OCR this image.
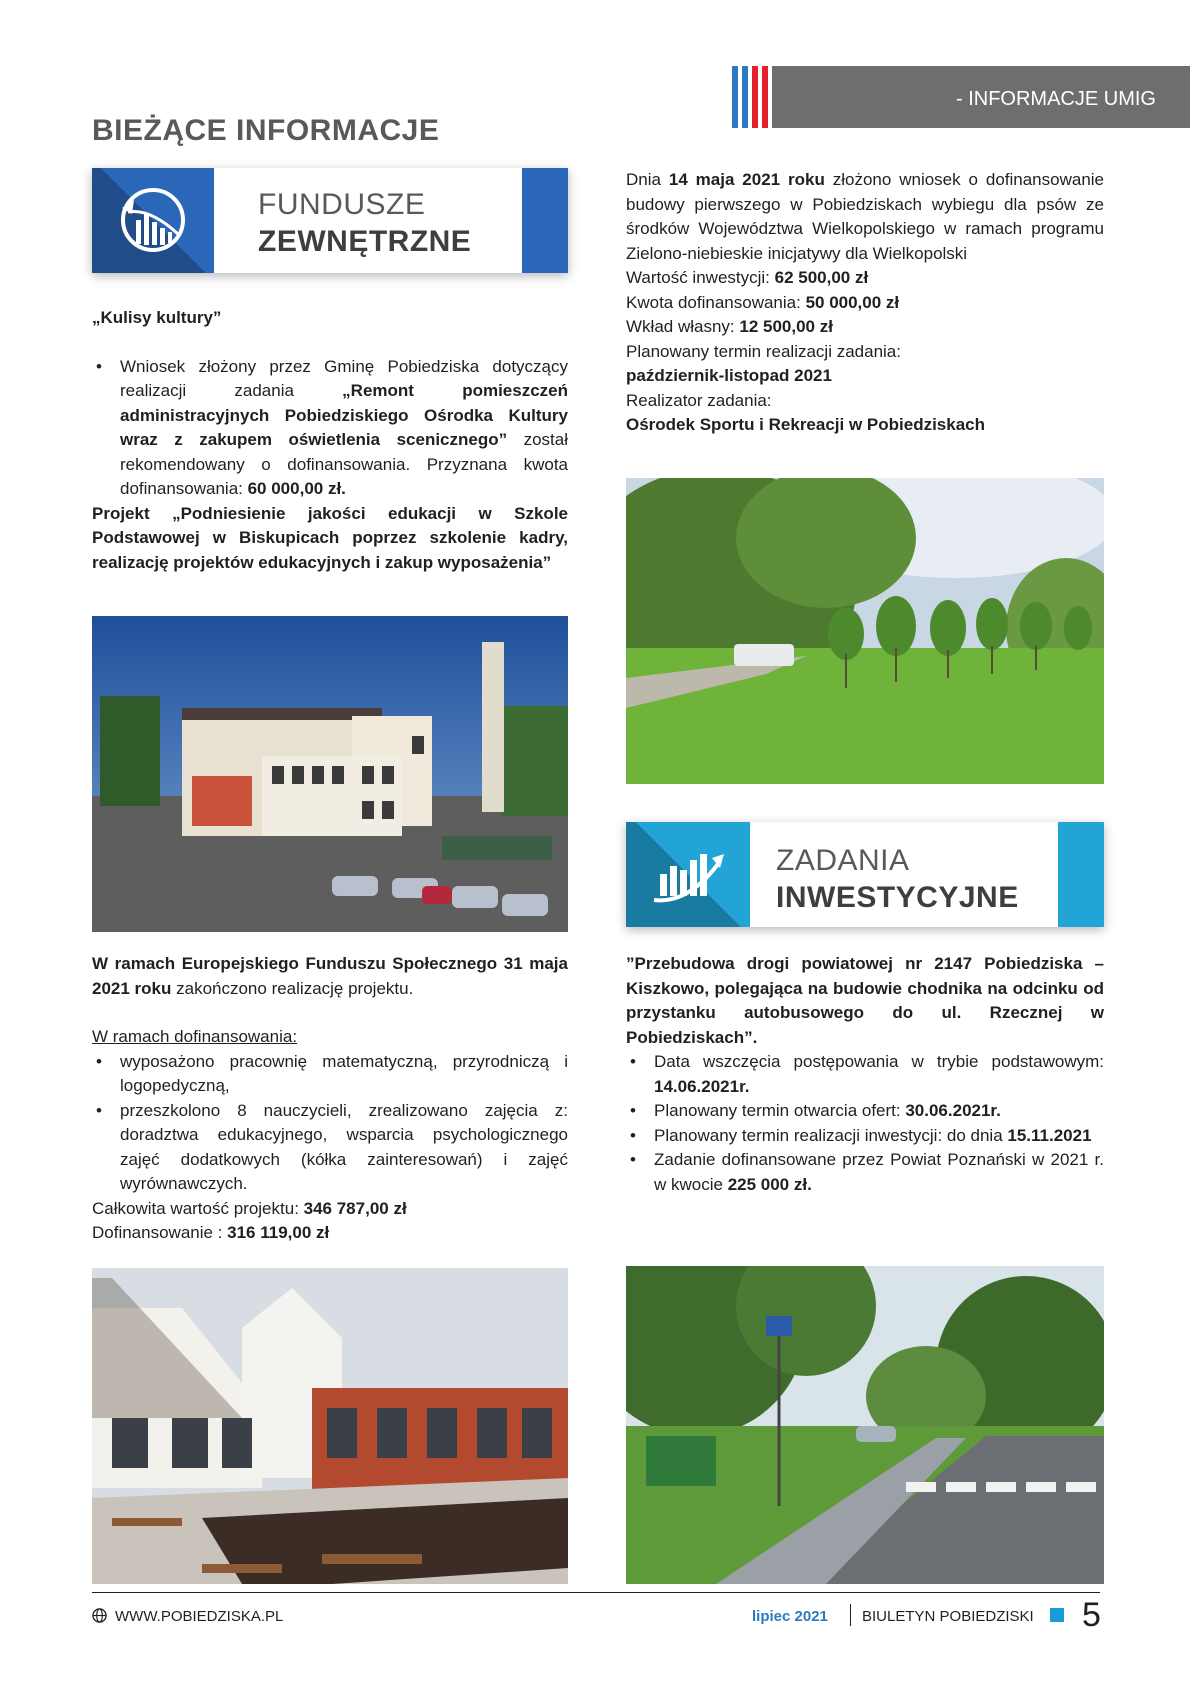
- INFORMACJE UMIG
BIEŻĄCE INFORMACJE
FUNDUSZE
ZEWNĘTRZNE

„Kulisy kultury”

• Wniosek złożony przez Gminę Pobiedziska dotyczący realizacji zadania „Remont pomieszczeń administracyjnych Pobiedziskiego Ośrodka Kultury wraz z zakupem oświetlenia scenicznego” został rekomendowany o dofinansowania. Przyznana kwota dofinansowania: 60 000,00 zł.

Projekt „Podniesienie jakości edukacji w Szkole Podstawowej w Biskupicach poprzez szkolenie kadry, realizację projektów edukacyjnych i zakup wyposażenia”

W ramach Europejskiego Funduszu Społecznego 31 maja 2021 roku zakończono realizację projektu.

W ramach dofinansowania:

• wyposażono pracownię matematyczną, przyrodniczą i logopedyczną,
• przeszkolono 8 nauczycieli, zrealizowano zajęcia z: doradztwa edukacyjnego, wsparcia psychologicznego zajęć dodatkowych (kółka zainteresowań) i zajęć wyrównawczych.

Całkowita wartość projektu: 346 787,00 zł

Dofinansowanie : 316 119,00 zł

Dnia 14 maja 2021 roku złożono wniosek o dofinansowanie budowy pierwszego w Pobiedziskach wybiegu dla psów ze środków Województwa Wielkopolskiego w ramach programu Zielono-niebieskie inicjatywy dla Wielkopolski

Wartość inwestycji: 62 500,00 zł

Kwota dofinansowania: 50 000,00 zł

Wkład własny: 12 500,00 zł

Planowany termin realizacji zadania:

październik-listopad 2021

Realizator zadania:

Ośrodek Sportu i Rekreacji w Pobiedziskach

ZADANIA
INWESTYCYJNE

”Przebudowa drogi powiatowej nr 2147 Pobiedziska – Kiszkowo, polegająca na budowie chodnika na odcinku od przystanku autobusowego do ul. Rzecznej w Pobiedziskach”.

• Data wszczęcia postępowania w trybie podstawowym: 14.06.2021r.
• Planowany termin otwarcia ofert: 30.06.2021r.
• Planowany termin realizacji inwestycji: do dnia 15.11.2021
• Zadanie dofinansowane przez Powiat Poznański w 2021 r. w kwocie 225 000 zł.
WWW.POBIEDZISKA.PL	lipiec 2021 BIULETYN POBIEDZISKI 5
